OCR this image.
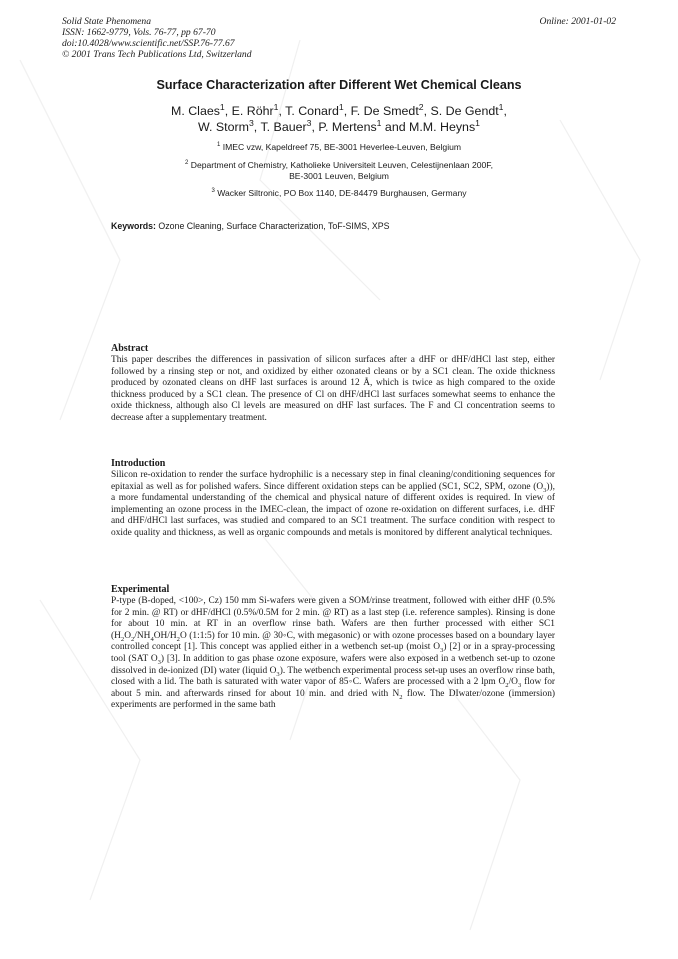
Solid State Phenomena
ISSN: 1662-9779, Vols. 76-77, pp 67-70
doi:10.4028/www.scientific.net/SSP.76-77.67
© 2001 Trans Tech Publications Ltd, Switzerland
Online: 2001-01-02
Surface Characterization after Different Wet Chemical Cleans
M. Claes$^1$, E. Röhr$^1$, T. Conard$^1$, F. De Smedt$^2$, S. De Gendt$^1$,
W. Storm$^3$, T. Bauer$^3$, P. Mertens$^1$ and M.M. Heyns$^1$
$^1$ IMEC vzw, Kapeldreef 75, BE-3001 Heverlee-Leuven, Belgium
$^2$ Department of Chemistry, Katholieke Universiteit Leuven, Celestijnenlaan 200F,
BE-3001 Leuven, Belgium
$^3$ Wacker Siltronic, PO Box 1140, DE-84479 Burghausen, Germany
Keywords: Ozone Cleaning, Surface Characterization, ToF-SIMS, XPS
Abstract

This paper describes the differences in passivation of silicon surfaces after a dHF or dHF/dHCl last step, either followed by a rinsing step or not, and oxidized by either ozonated cleans or by a SC1 clean. The oxide thickness produced by ozonated cleans on dHF last surfaces is around 12 Å, which is twice as high compared to the oxide thickness produced by a SC1 clean. The presence of Cl on dHF/dHCl last surfaces somewhat seems to enhance the oxide thickness, although also Cl levels are measured on dHF last surfaces. The F and Cl concentration seems to decrease after a supplementary treatment.

Introduction

Silicon re-oxidation to render the surface hydrophilic is a necessary step in final cleaning/conditioning sequences for epitaxial as well as for polished wafers. Since different oxidation steps can be applied (SC1, SC2, SPM, ozone $(O_3)$), a more fundamental understanding of the chemical and physical nature of different oxides is required. In view of implementing an ozone process in the IMEC-clean, the impact of ozone re-oxidation on different surfaces, i.e. dHF and dHF/dHCl last surfaces, was studied and compared to an SC1 treatment. The surface condition with respect to oxide quality and thickness, as well as organic compounds and metals is monitored by different analytical techniques.

Experimental

P-type (B-doped, <100>, Cz) 150 mm Si-wafers were given a SOM/rinse treatment, followed with either dHF (0.5% for 2 min. @ RT) or dHF/dHCl (0.5%/0.5M for 2 min. @ RT) as a last step (i.e. reference samples). Rinsing is done for about 10 min. at RT in an overflow rinse bath. Wafers are then further processed with either SC1 ($H_2O_2/NH_4OH/H_2O$ (1:1:5) for 10 min. @ 30◦C, with megasonic) or with ozone processes based on a boundary layer controlled concept [1]. This concept was applied either in a wetbench set-up (moist $O_3$) [2] or in a spray-processing tool (SAT $O_3$) [3]. In addition to gas phase ozone exposure, wafers were also exposed in a wetbench set-up to ozone dissolved in de-ionized (DI) water (liquid $O_3$). The wetbench experimental process set-up uses an overflow rinse bath, closed with a lid. The bath is saturated with water vapor of 85◦C. Wafers are processed with a 2 lpm $O_2/O_3$ flow for about 5 min. and afterwards rinsed for about 10 min. and dried with $N_2$ flow. The DIwater/ozone (immersion) experiments are performed in the same bath
